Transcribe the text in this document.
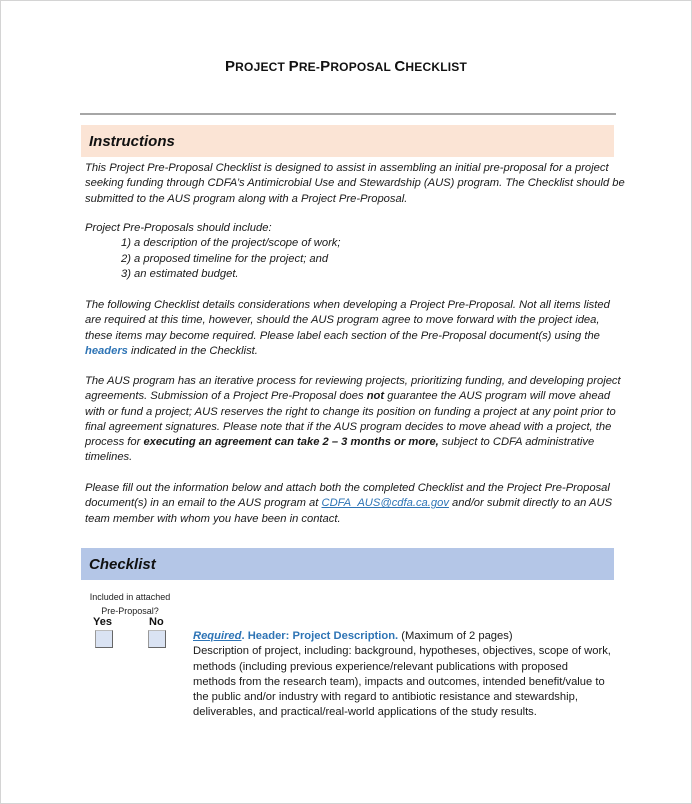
PROJECT PRE-PROPOSAL CHECKLIST
Instructions

This Project Pre-Proposal Checklist is designed to assist in assembling an initial pre-proposal for a project seeking funding through CDFA’s Antimicrobial Use and Stewardship (AUS) program. The Checklist should be submitted to the AUS program along with a Project Pre-Proposal.

Project Pre-Proposals should include:
1) a description of the project/scope of work;
2) a proposed timeline for the project; and
3) an estimated budget.

The following Checklist details considerations when developing a Project Pre-Proposal. Not all items listed are required at this time, however, should the AUS program agree to move forward with the project idea, these items may become required. Please label each section of the Pre-Proposal document(s) using the headers indicated in the Checklist.

The AUS program has an iterative process for reviewing projects, prioritizing funding, and developing project agreements. Submission of a Project Pre-Proposal does not guarantee the AUS program will move ahead with or fund a project; AUS reserves the right to change its position on funding a project at any point prior to final agreement signatures. Please note that if the AUS program decides to move ahead with a project, the process for executing an agreement can take 2 – 3 months or more, subject to CDFA administrative timelines.

Please fill out the information below and attach both the completed Checklist and the Project Pre-Proposal document(s) in an email to the AUS program at CDFA_AUS@cdfa.ca.gov and/or submit directly to an AUS team member with whom you have been in contact.

Checklist
Included in attached
Pre-Proposal?
Yes	No
Required. Header: Project Description. (Maximum of 2 pages)
Description of project, including: background, hypotheses, objectives, scope of work, methods (including previous experience/relevant publications with proposed methods from the research team), impacts and outcomes, intended benefit/value to the public and/or industry with regard to antibiotic resistance and stewardship, deliverables, and practical/real-world applications of the study results.
